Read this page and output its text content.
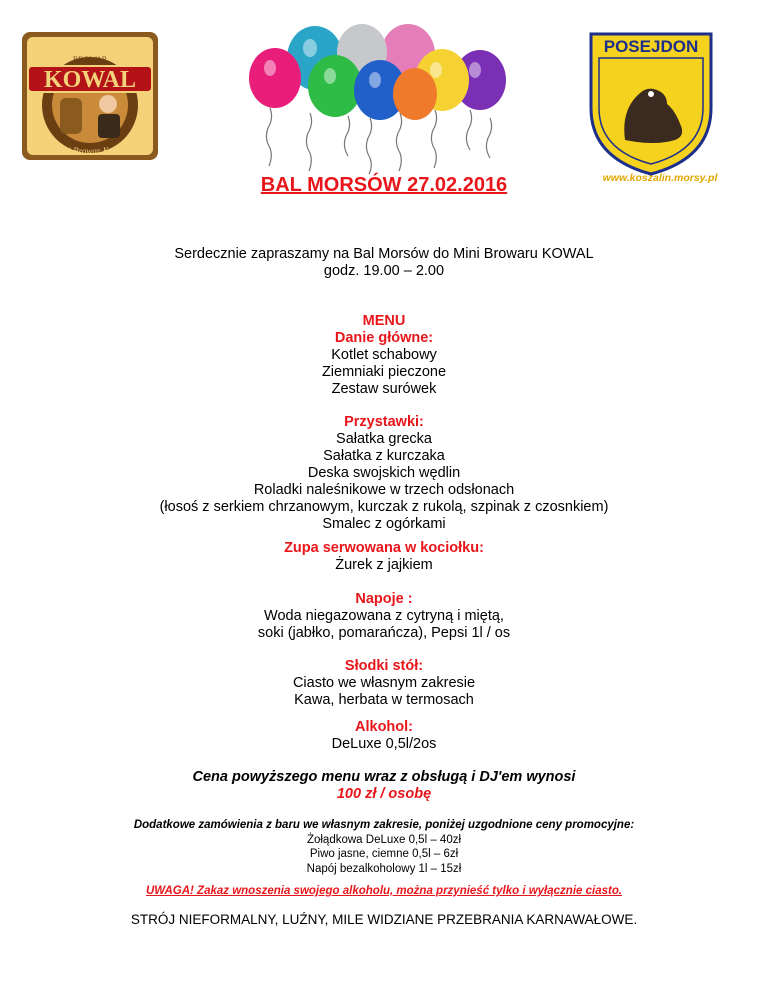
KOWAL
BROWAR
Mini Browar Kowal
POSEJDON
www.koszalin.morsy.pl
BAL MORSÓW 27.02.2016
Serdecznie zapraszamy na Bal Morsów do Mini Browaru KOWAL
godz. 19.00 – 2.00
MENU
Danie główne:
Kotlet schabowy
Ziemniaki pieczone
Zestaw surówek
Przystawki:
Sałatka grecka
Sałatka z kurczaka
Deska swojskich wędlin
Roladki naleśnikowe w trzech odsłonach
(łosoś z serkiem chrzanowym, kurczak z rukolą, szpinak z czosnkiem)
Smalec z ogórkami
Zupa serwowana w kociołku:
Żurek z jajkiem
Napoje :
Woda niegazowana z cytryną i miętą,
soki (jabłko, pomarańcza), Pepsi 1l / os
Słodki stół:
Ciasto we własnym zakresie
Kawa, herbata w termosach
Alkohol:
DeLuxe 0,5l/2os
Cena powyższego menu wraz z obsługą i DJ'em wynosi
100 zł / osobę
Dodatkowe zamówienia z baru we własnym zakresie, poniżej uzgodnione ceny promocyjne:
Żołądkowa DeLuxe 0,5l – 40zł
Piwo jasne, ciemne 0,5l – 6zł
Napój bezalkoholowy 1l – 15zł
UWAGA! Zakaz wnoszenia swojego alkoholu, można przynieść tylko i wyłącznie ciasto.
STRÓJ NIEFORMALNY, LUŹNY, MILE WIDZIANE PRZEBRANIA KARNAWAŁOWE.
